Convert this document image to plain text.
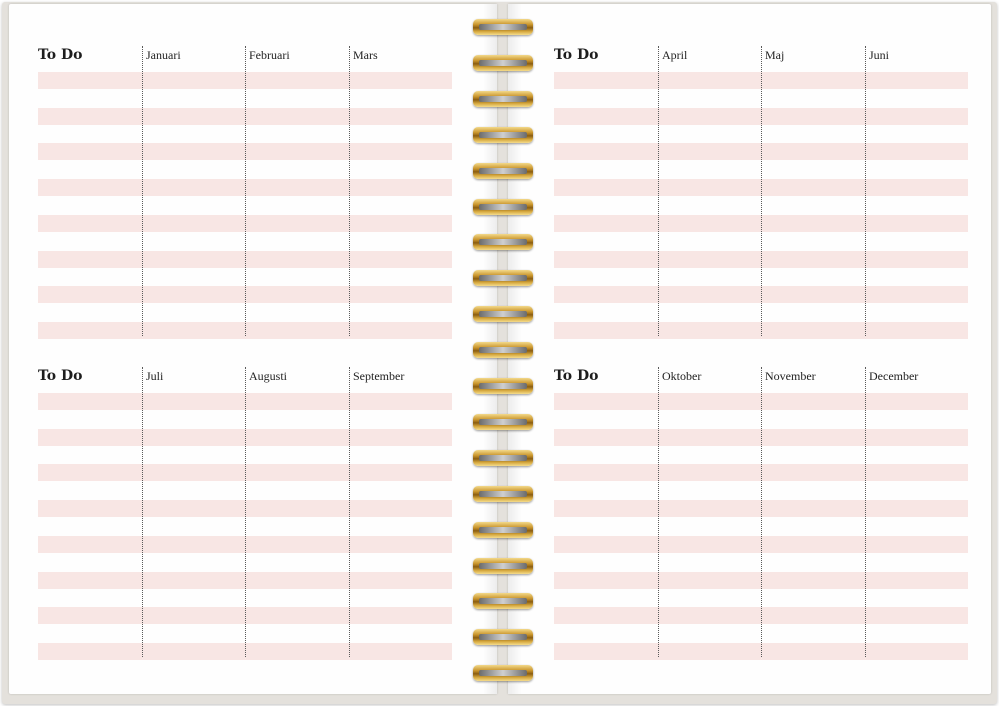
To Do	Januari	Februari	Mars
To Do	Juli	Augusti	September
To Do	April	Maj	Juni
To Do	Oktober	November	December
